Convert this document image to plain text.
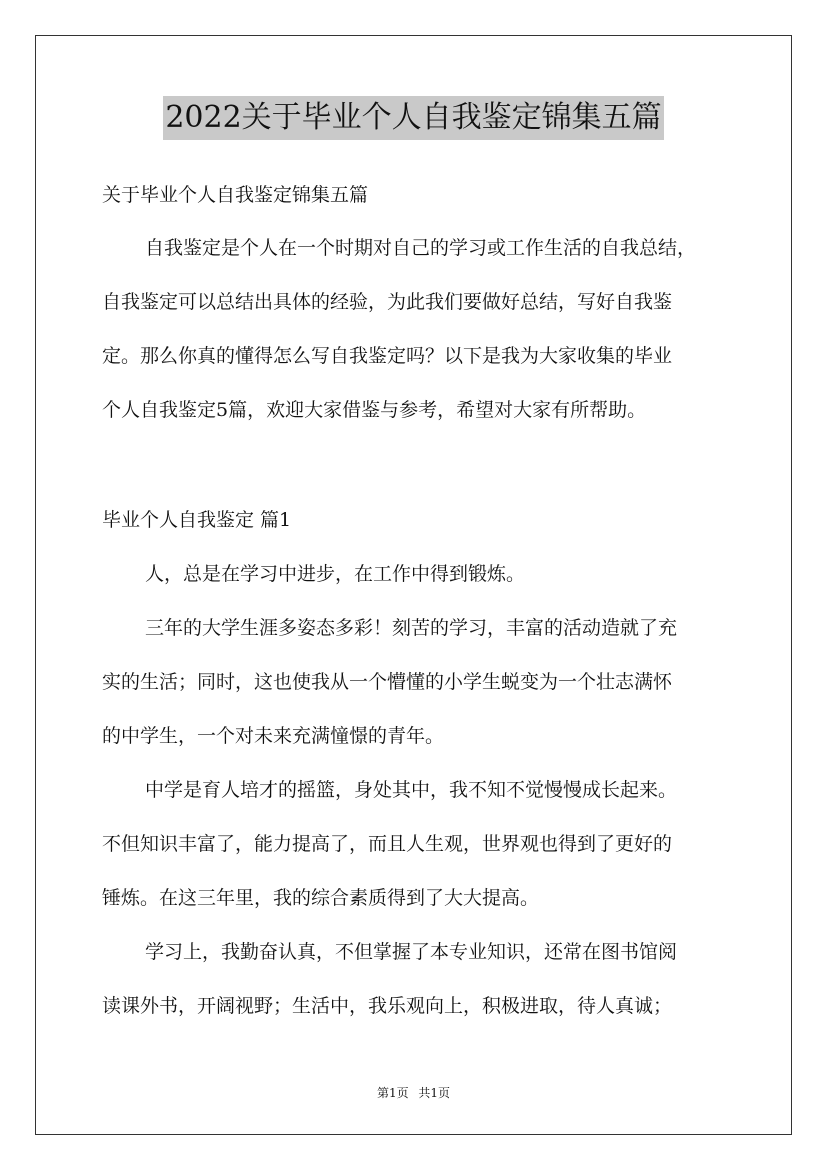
2022关于毕业个人自我鉴定锦集五篇
关于毕业个人自我鉴定锦集五篇
自我鉴定是个人在一个时期对自己的学习或工作生活的自我总结，
自我鉴定可以总结出具体的经验，为此我们要做好总结，写好自我鉴
定。那么你真的懂得怎么写自我鉴定吗？以下是我为大家收集的毕业
个人自我鉴定5篇，欢迎大家借鉴与参考，希望对大家有所帮助。
毕业个人自我鉴定 篇1
人，总是在学习中进步，在工作中得到锻炼。
三年的大学生涯多姿态多彩！刻苦的学习，丰富的活动造就了充
实的生活；同时，这也使我从一个懵懂的小学生蜕变为一个壮志满怀
的中学生，一个对未来充满憧憬的青年。
中学是育人培才的摇篮，身处其中，我不知不觉慢慢成长起来。
不但知识丰富了，能力提高了，而且人生观，世界观也得到了更好的
锤炼。在这三年里，我的综合素质得到了大大提高。
学习上，我勤奋认真，不但掌握了本专业知识，还常在图书馆阅
读课外书，开阔视野；生活中，我乐观向上，积极进取，待人真诚；
第1页 共1页
